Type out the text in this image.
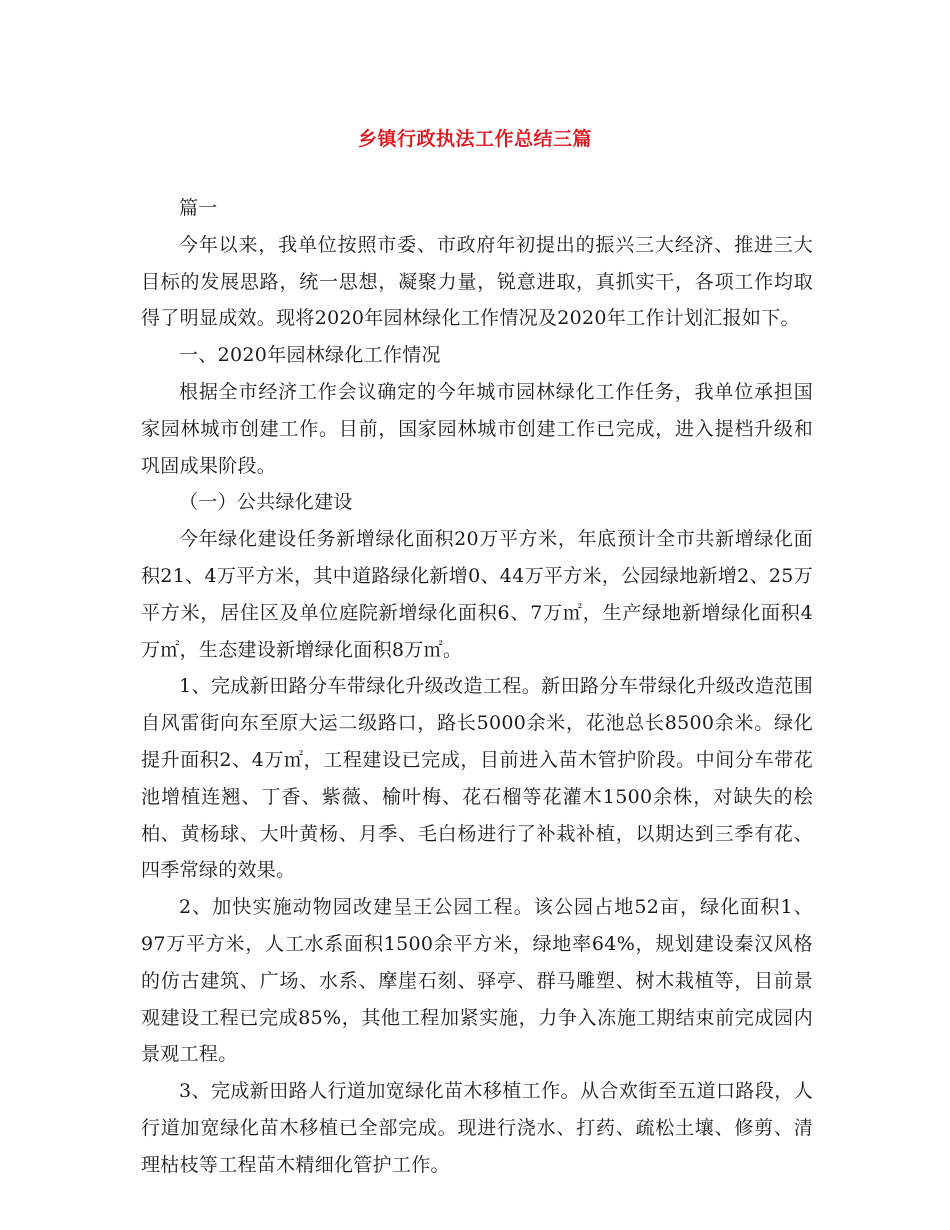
乡镇行政执法工作总结三篇

篇一

今年以来，我单位按照市委、市政府年初提出的振兴三大经济、推进三大目标的发展思路，统一思想，凝聚力量，锐意进取，真抓实干，各项工作均取得了明显成效。现将2020年园林绿化工作情况及2020年工作计划汇报如下。

一、2020年园林绿化工作情况

根据全市经济工作会议确定的今年城市园林绿化工作任务，我单位承担国家园林城市创建工作。目前，国家园林城市创建工作已完成，进入提档升级和巩固成果阶段。

（一）公共绿化建设

今年绿化建设任务新增绿化面积20万平方米，年底预计全市共新增绿化面积21、4万平方米，其中道路绿化新增0、44万平方米，公园绿地新增2、25万平方米，居住区及单位庭院新增绿化面积6、7万㎡，生产绿地新增绿化面积4万㎡，生态建设新增绿化面积8万㎡。

1、完成新田路分车带绿化升级改造工程。新田路分车带绿化升级改造范围自风雷街向东至原大运二级路口，路长5000余米，花池总长8500余米。绿化提升面积2、4万㎡，工程建设已完成，目前进入苗木管护阶段。中间分车带花池增植连翘、丁香、紫薇、榆叶梅、花石榴等花灌木1500余株，对缺失的桧柏、黄杨球、大叶黄杨、月季、毛白杨进行了补栽补植，以期达到三季有花、四季常绿的效果。

2、加快实施动物园改建呈王公园工程。该公园占地52亩，绿化面积1、97万平方米，人工水系面积1500余平方米，绿地率64%，规划建设秦汉风格的仿古建筑、广场、水系、摩崖石刻、驿亭、群马雕塑、树木栽植等，目前景观建设工程已完成85%，其他工程加紧实施，力争入冻施工期结束前完成园内景观工程。

3、完成新田路人行道加宽绿化苗木移植工作。从合欢街至五道口路段，人行道加宽绿化苗木移植已全部完成。现进行浇水、打药、疏松土壤、修剪、清理枯枝等工程苗木精细化管护工作。
